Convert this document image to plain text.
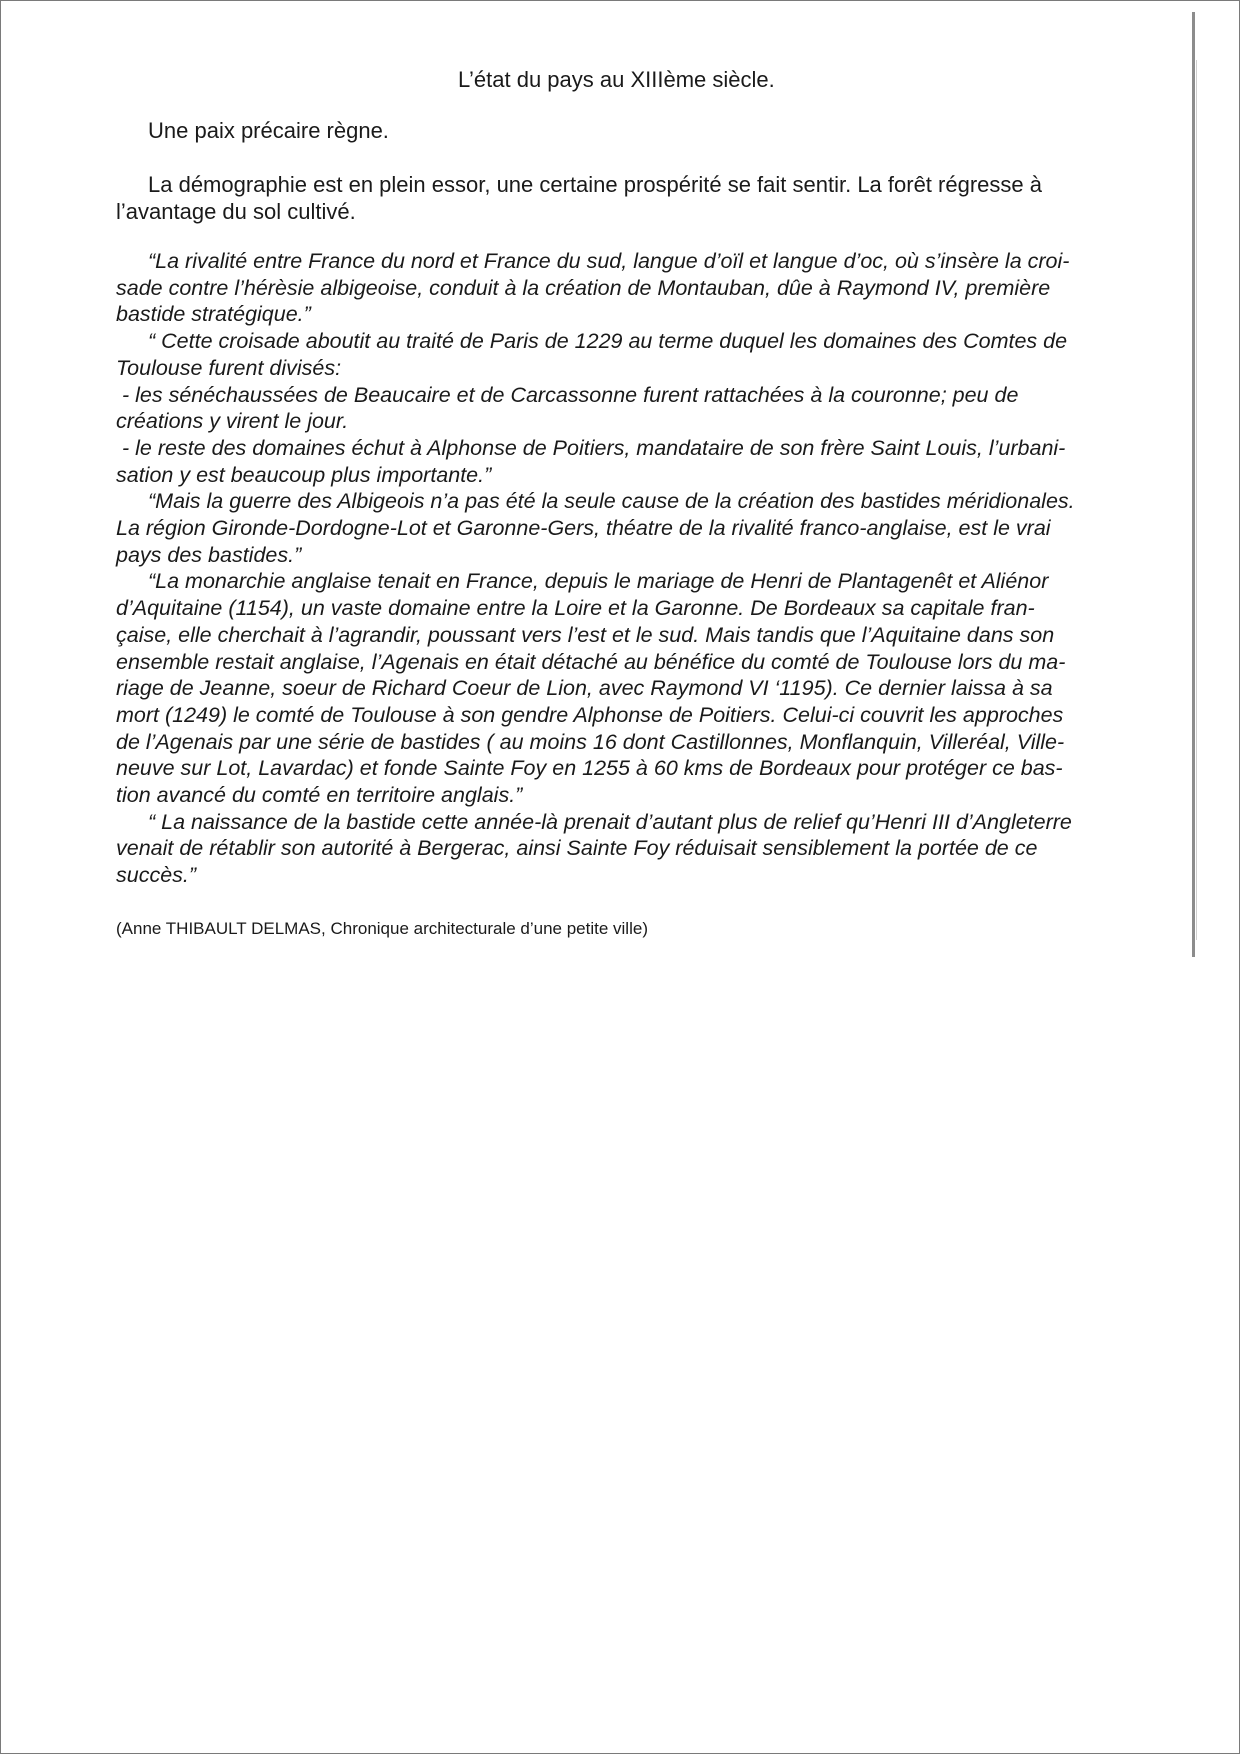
L’état du pays au XIIIème siècle.
Une paix précaire règne.
La démographie est en plein essor, une certaine prospérité se fait sentir. La forêt régresse à
l’avantage du sol cultivé.

“La rivalité entre France du nord et France du sud, langue d’oïl et langue d’oc, où s’insère la croi-
sade contre l’hérèsie albigeoise, conduit à la création de Montauban, dûe à Raymond IV, première
bastide stratégique.”

“ Cette croisade aboutit au traité de Paris de 1229 au terme duquel les domaines des Comtes de
Toulouse furent divisés:

- les sénéchaussées de Beaucaire et de Carcassonne furent rattachées à la couronne; peu de
créations y virent le jour.

- le reste des domaines échut à Alphonse de Poitiers, mandataire de son frère Saint Louis, l’urbani-
sation y est beaucoup plus importante.”

“Mais la guerre des Albigeois n’a pas été la seule cause de la création des bastides méridionales.
La région Gironde-Dordogne-Lot et Garonne-Gers, théatre de la rivalité franco-anglaise, est le vrai
pays des bastides.”

“La monarchie anglaise tenait en France, depuis le mariage de Henri de Plantagenêt et Aliénor
d’Aquitaine (1154), un vaste domaine entre la Loire et la Garonne. De Bordeaux sa capitale fran-
çaise, elle cherchait à l’agrandir, poussant vers l’est et le sud. Mais tandis que l’Aquitaine dans son
ensemble restait anglaise, l’Agenais en était détaché au bénéfice du comté de Toulouse lors du ma-
riage de Jeanne, soeur de Richard Coeur de Lion, avec Raymond VI ‘1195). Ce dernier laissa à sa
mort (1249) le comté de Toulouse à son gendre Alphonse de Poitiers. Celui-ci couvrit les approches
de l’Agenais par une série de bastides ( au moins 16 dont Castillonnes, Monflanquin, Villeréal, Ville-
neuve sur Lot, Lavardac) et fonde Sainte Foy en 1255 à 60 kms de Bordeaux pour protéger ce bas-
tion avancé du comté en territoire anglais.”

“ La naissance de la bastide cette année-là prenait d’autant plus de relief qu’Henri III d’Angleterre
venait de rétablir son autorité à Bergerac, ainsi Sainte Foy réduisait sensiblement la portée de ce
succès.”

(Anne THIBAULT DELMAS, Chronique architecturale d’une petite ville)
